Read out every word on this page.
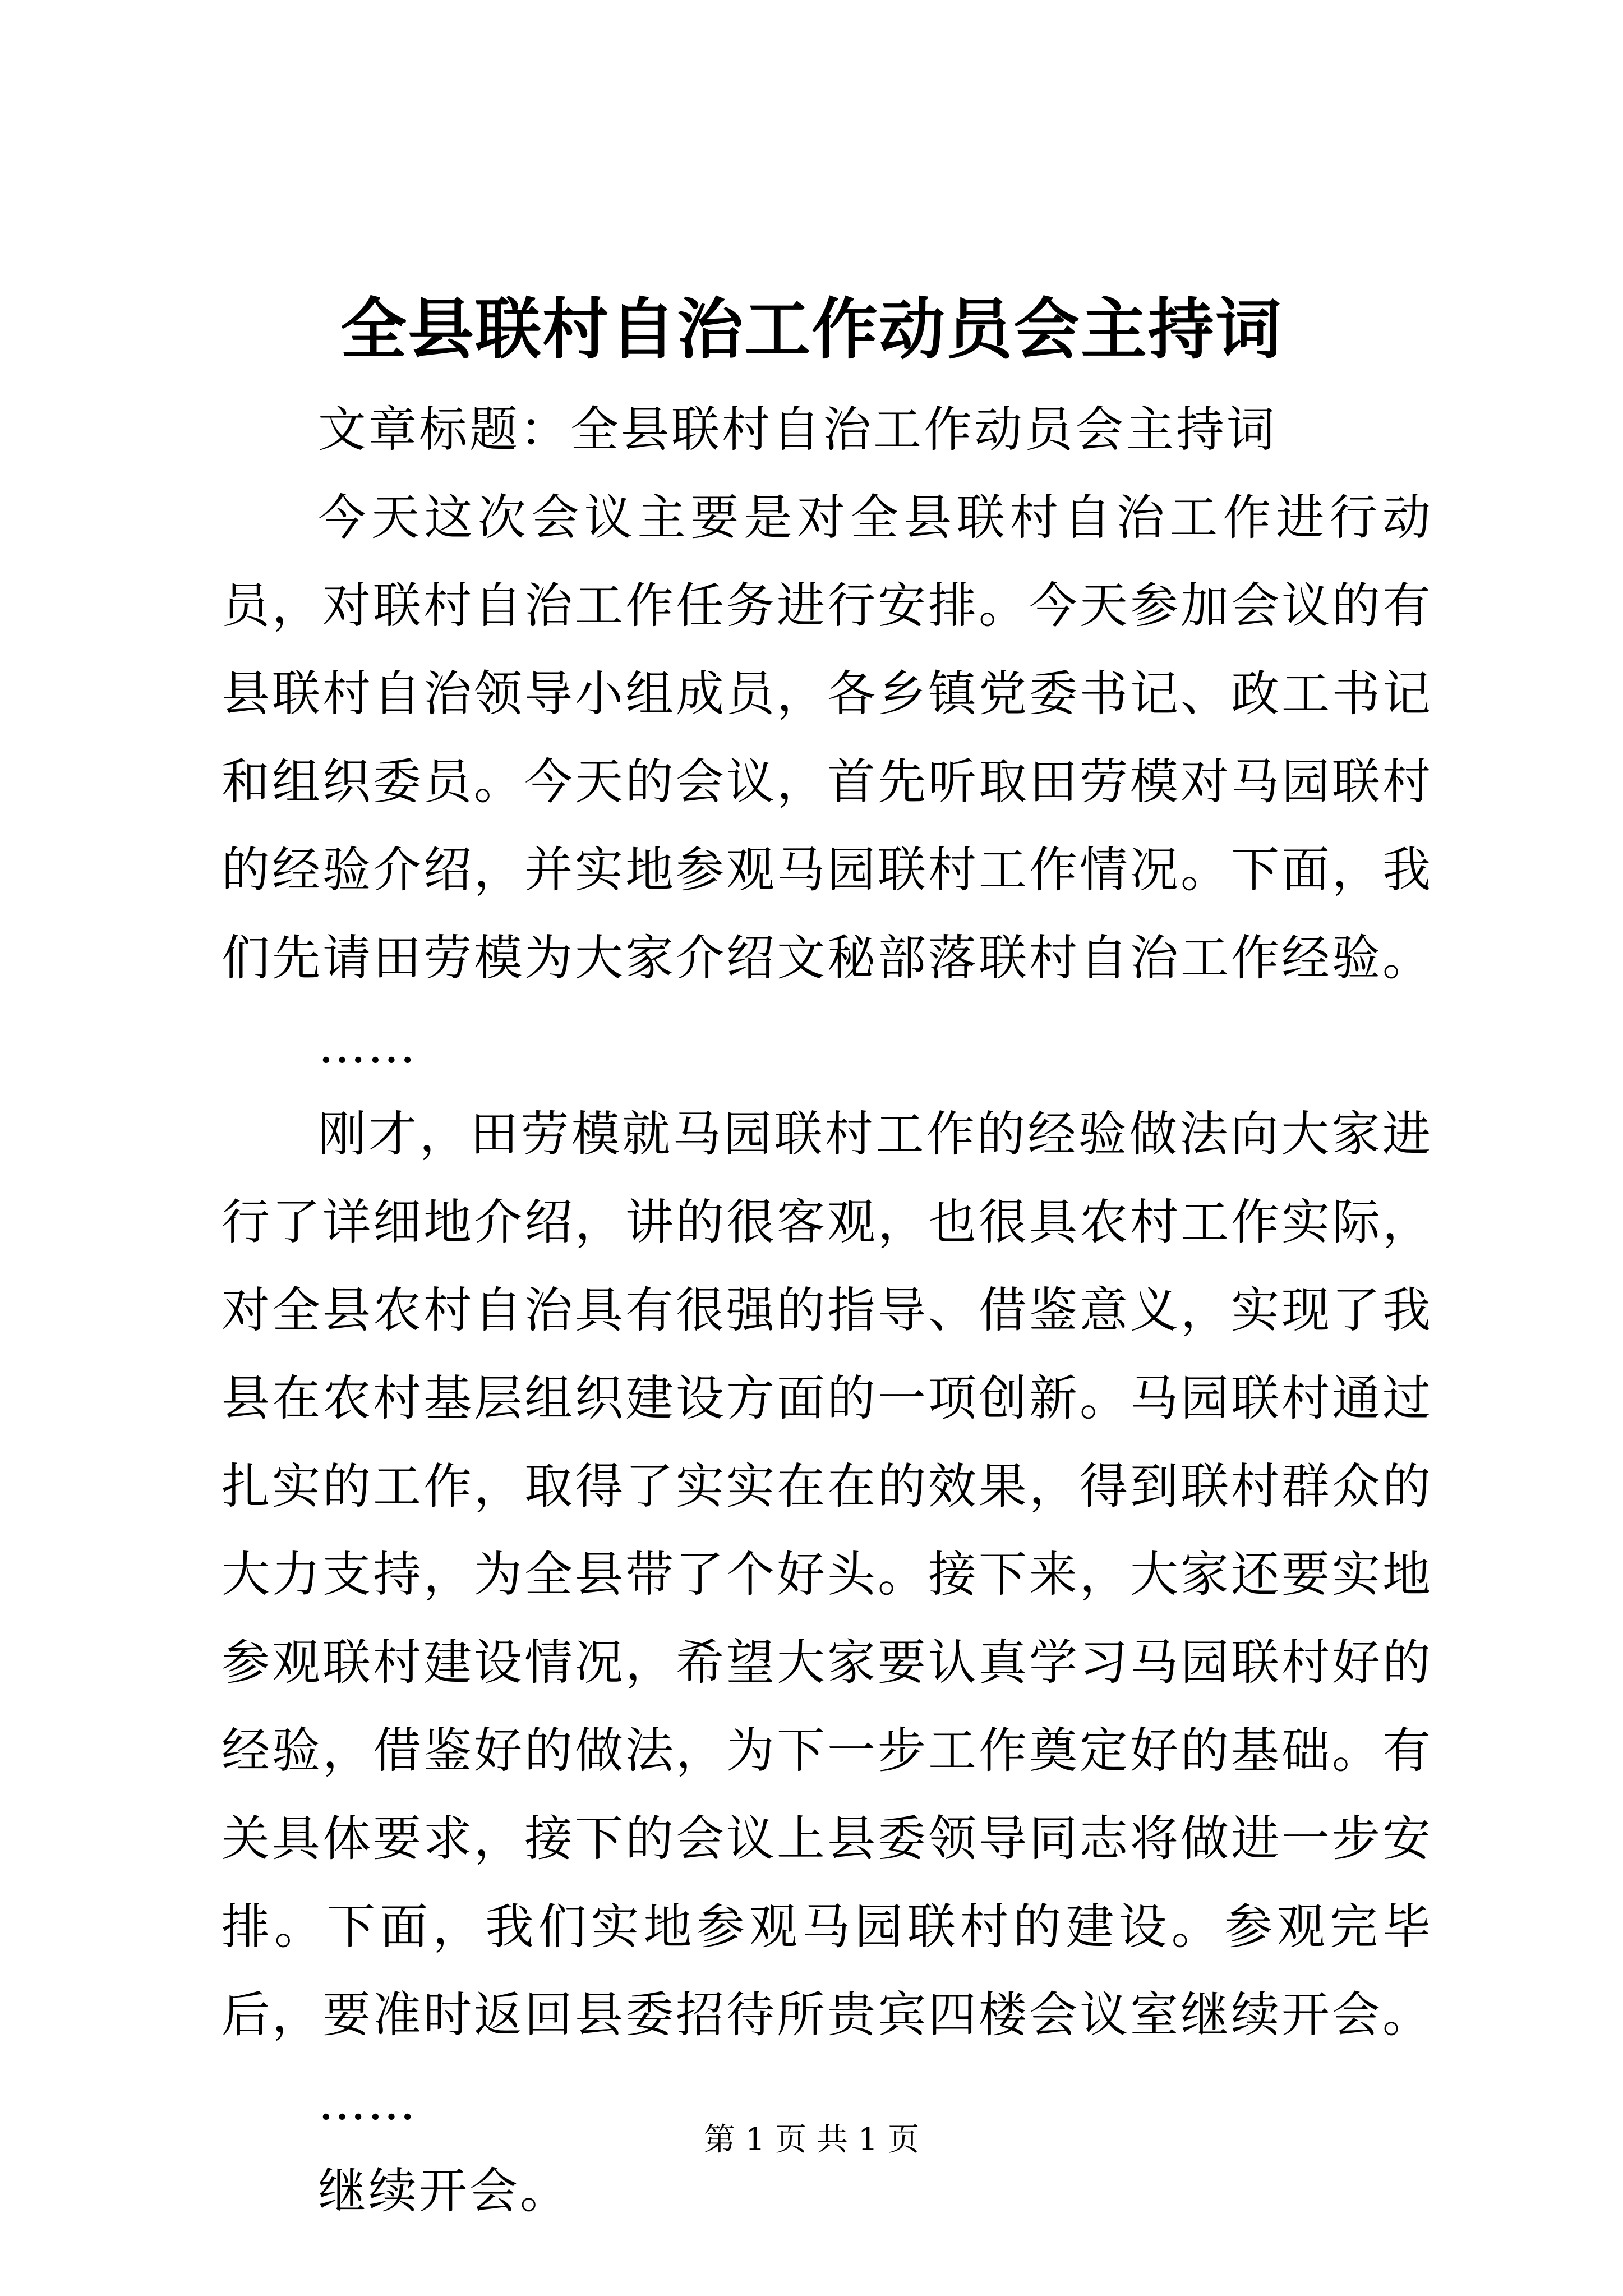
全县联村自治工作动员会主持词

文章标题：全县联村自治工作动员会主持词

今天这次会议主要是对全县联村自治工作进行动员，对联村自治工作任务进行安排。今天参加会议的有县联村自治领导小组成员，各乡镇党委书记、政工书记和组织委员。今天的会议，首先听取田劳模对马园联村的经验介绍，并实地参观马园联村工作情况。下面，我们先请田劳模为大家介绍文秘部落联村自治工作经验。

……

刚才，田劳模就马园联村工作的经验做法向大家进行了详细地介绍，讲的很客观，也很具农村工作实际，对全县农村自治具有很强的指导、借鉴意义，实现了我县在农村基层组织建设方面的一项创新。马园联村通过扎实的工作，取得了实实在在的效果，得到联村群众的大力支持，为全县带了个好头。接下来，大家还要实地参观联村建设情况，希望大家要认真学习马园联村好的经验，借鉴好的做法，为下一步工作奠定好的基础。有关具体要求，接下的会议上县委领导同志将做进一步安排。下面，我们实地参观马园联村的建设。参观完毕后，要准时返回县委招待所贵宾四楼会议室继续开会。

……

继续开会。

第 1 页 共 1 页
